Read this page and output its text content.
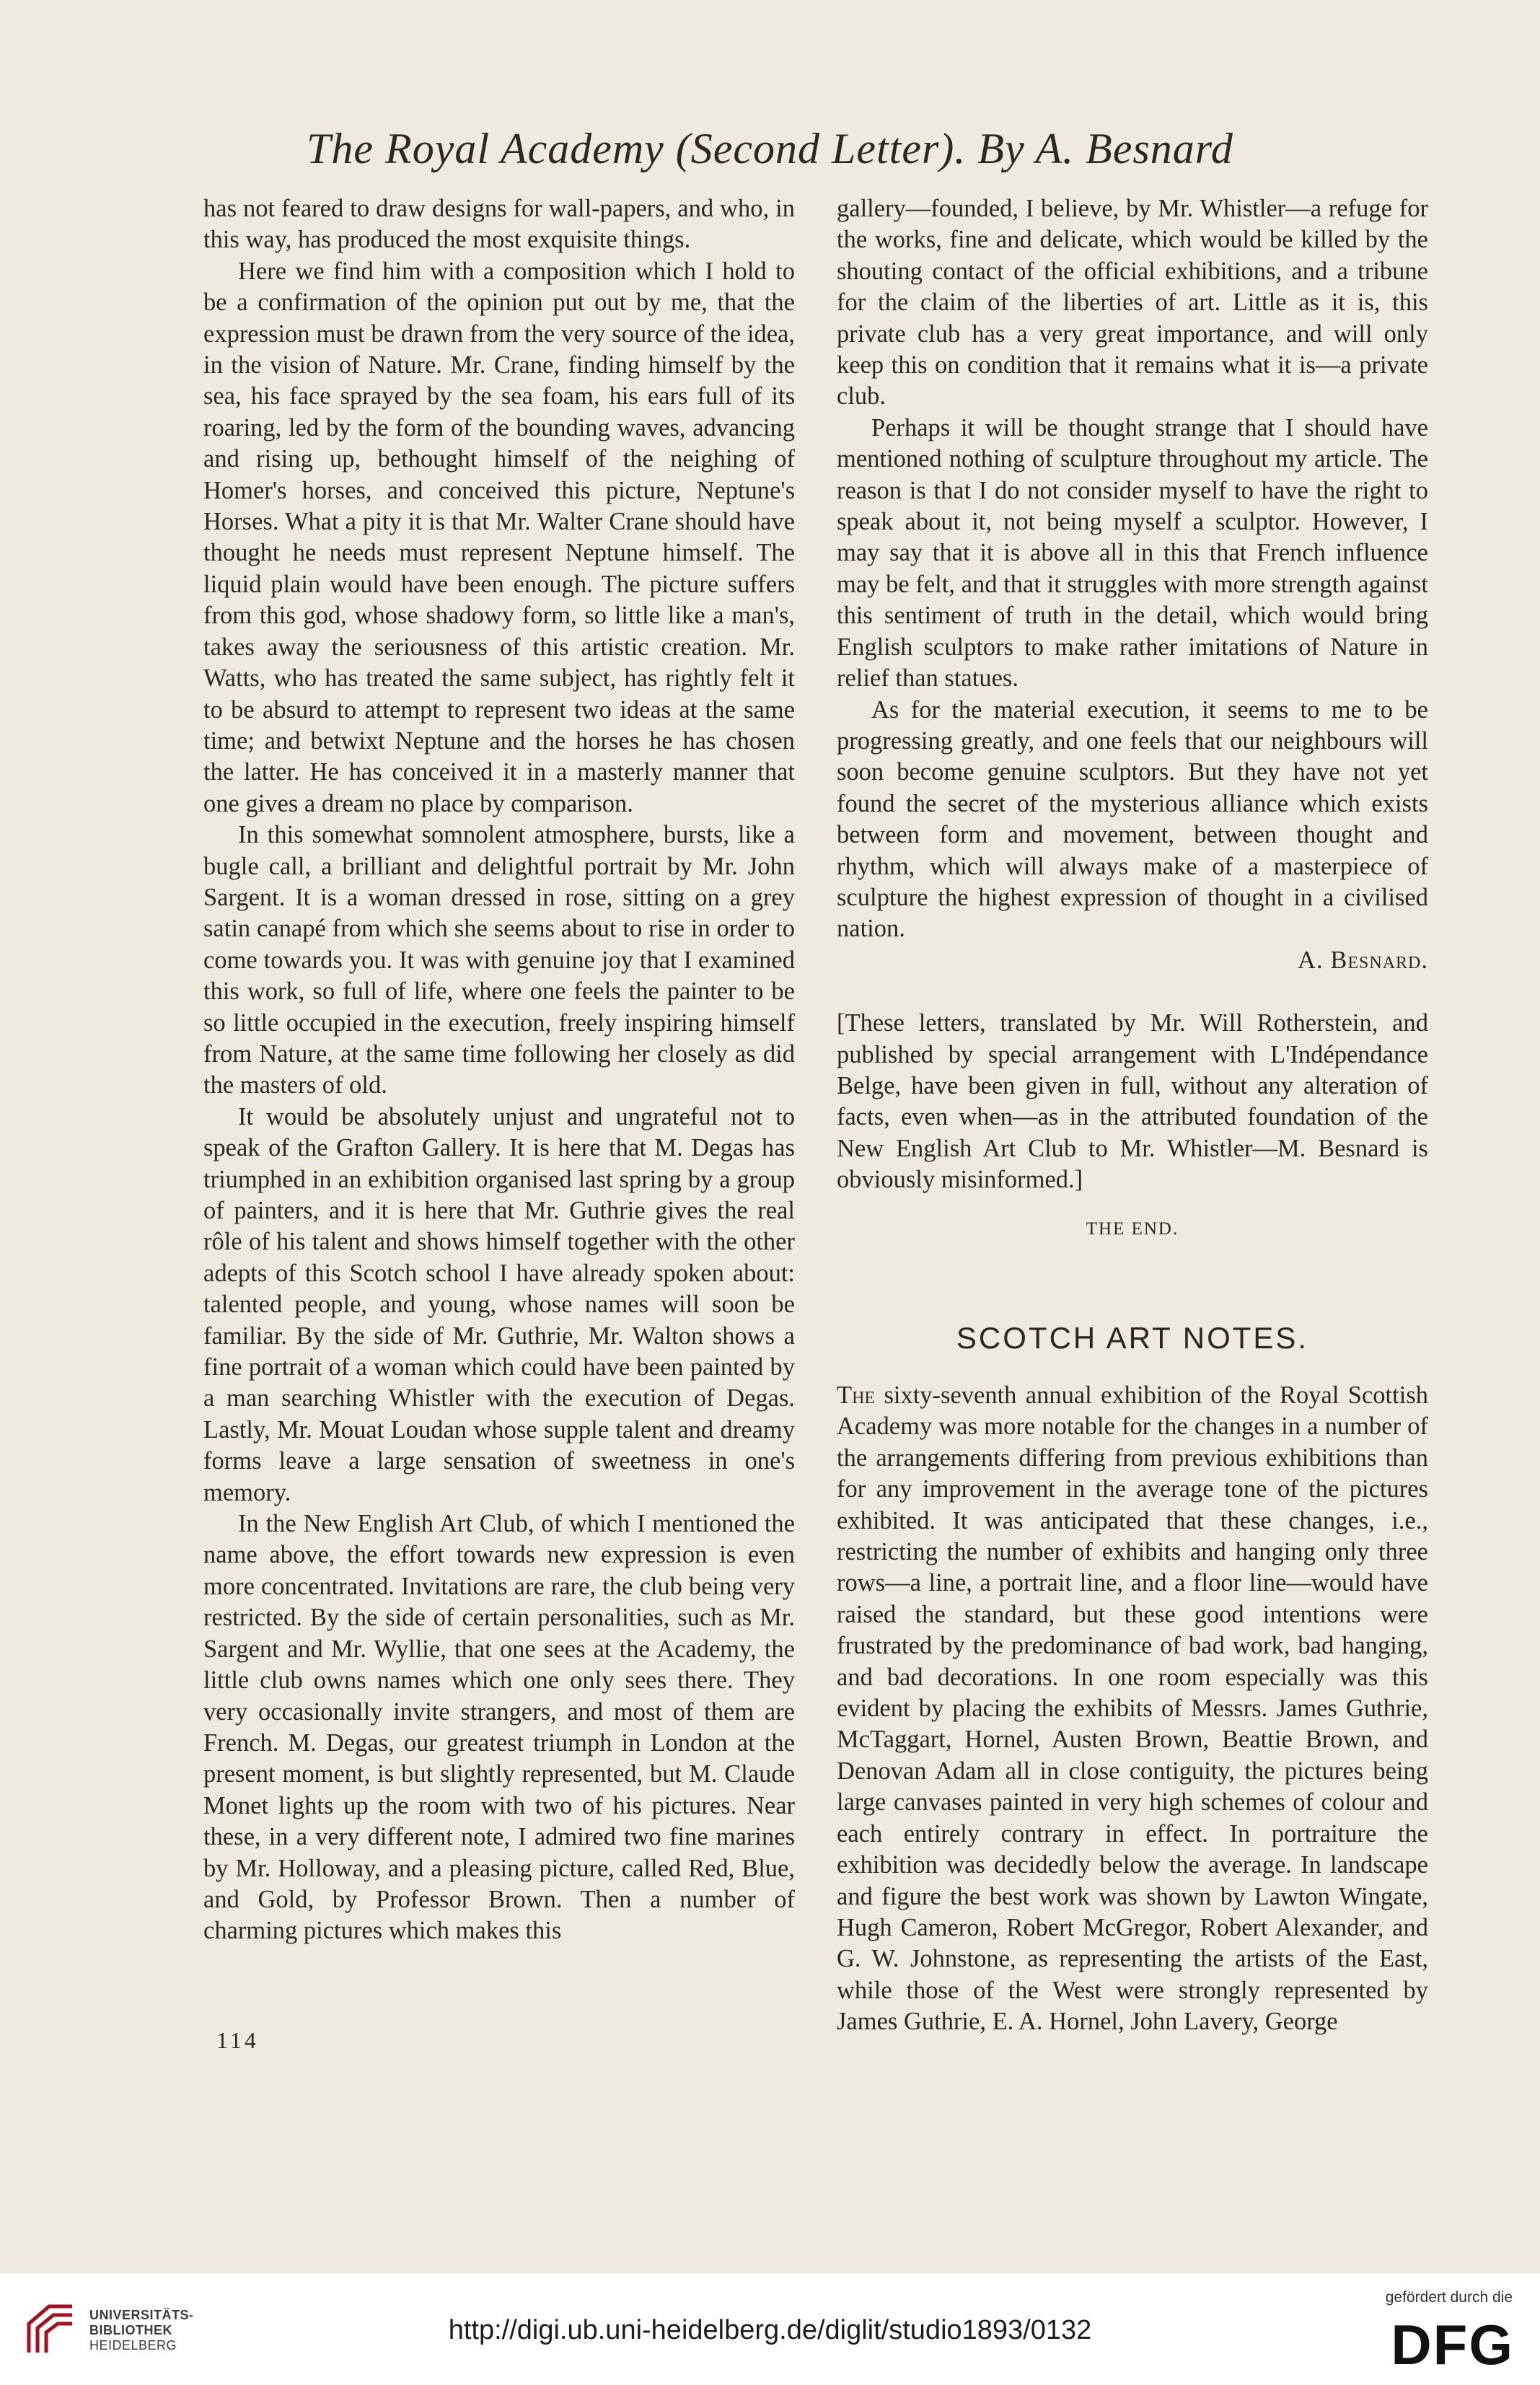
The Royal Academy (Second Letter). By A. Besnard

has not feared to draw designs for wall-papers, and who, in this way, has produced the most exquisite things.

Here we find him with a composition which I hold to be a confirmation of the opinion put out by me, that the expression must be drawn from the very source of the idea, in the vision of Nature. Mr. Crane, finding himself by the sea, his face sprayed by the sea foam, his ears full of its roaring, led by the form of the bounding waves, advancing and rising up, bethought himself of the neighing of Homer's horses, and conceived this picture, Neptune's Horses. What a pity it is that Mr. Walter Crane should have thought he needs must represent Neptune himself. The liquid plain would have been enough. The picture suffers from this god, whose shadowy form, so little like a man's, takes away the seriousness of this artistic creation. Mr. Watts, who has treated the same subject, has rightly felt it to be absurd to attempt to represent two ideas at the same time; and betwixt Neptune and the horses he has chosen the latter. He has conceived it in a masterly manner that one gives a dream no place by comparison.

In this somewhat somnolent atmosphere, bursts, like a bugle call, a brilliant and delightful portrait by Mr. John Sargent. It is a woman dressed in rose, sitting on a grey satin canapé from which she seems about to rise in order to come towards you. It was with genuine joy that I examined this work, so full of life, where one feels the painter to be so little occupied in the execution, freely inspiring himself from Nature, at the same time following her closely as did the masters of old.

It would be absolutely unjust and ungrateful not to speak of the Grafton Gallery. It is here that M. Degas has triumphed in an exhibition organised last spring by a group of painters, and it is here that Mr. Guthrie gives the real rôle of his talent and shows himself together with the other adepts of this Scotch school I have already spoken about: talented people, and young, whose names will soon be familiar. By the side of Mr. Guthrie, Mr. Walton shows a fine portrait of a woman which could have been painted by a man searching Whistler with the execution of Degas. Lastly, Mr. Mouat Loudan whose supple talent and dreamy forms leave a large sensation of sweetness in one's memory.

In the New English Art Club, of which I mentioned the name above, the effort towards new expression is even more concentrated. Invitations are rare, the club being very restricted. By the side of certain personalities, such as Mr. Sargent and Mr. Wyllie, that one sees at the Academy, the little club owns names which one only sees there. They very occasionally invite strangers, and most of them are French. M. Degas, our greatest triumph in London at the present moment, is but slightly represented, but M. Claude Monet lights up the room with two of his pictures. Near these, in a very different note, I admired two fine marines by Mr. Holloway, and a pleasing picture, called Red, Blue, and Gold, by Professor Brown. Then a number of charming pictures which makes this

gallery—founded, I believe, by Mr. Whistler—a refuge for the works, fine and delicate, which would be killed by the shouting contact of the official exhibitions, and a tribune for the claim of the liberties of art. Little as it is, this private club has a very great importance, and will only keep this on condition that it remains what it is—a private club.

Perhaps it will be thought strange that I should have mentioned nothing of sculpture throughout my article. The reason is that I do not consider myself to have the right to speak about it, not being myself a sculptor. However, I may say that it is above all in this that French influence may be felt, and that it struggles with more strength against this sentiment of truth in the detail, which would bring English sculptors to make rather imitations of Nature in relief than statues.

As for the material execution, it seems to me to be progressing greatly, and one feels that our neighbours will soon become genuine sculptors. But they have not yet found the secret of the mysterious alliance which exists between form and movement, between thought and rhythm, which will always make of a masterpiece of sculpture the highest expression of thought in a civilised nation.

A. Besnard.

[These letters, translated by Mr. Will Rotherstein, and published by special arrangement with L'Indépendance Belge, have been given in full, without any alteration of facts, even when—as in the attributed foundation of the New English Art Club to Mr. Whistler—M. Besnard is obviously misinformed.]

THE END.

SCOTCH ART NOTES.

The sixty-seventh annual exhibition of the Royal Scottish Academy was more notable for the changes in a number of the arrangements differing from previous exhibitions than for any improvement in the average tone of the pictures exhibited. It was anticipated that these changes, i.e., restricting the number of exhibits and hanging only three rows—a line, a portrait line, and a floor line—would have raised the standard, but these good intentions were frustrated by the predominance of bad work, bad hanging, and bad decorations. In one room especially was this evident by placing the exhibits of Messrs. James Guthrie, McTaggart, Hornel, Austen Brown, Beattie Brown, and Denovan Adam all in close contiguity, the pictures being large canvases painted in very high schemes of colour and each entirely contrary in effect. In portraiture the exhibition was decidedly below the average. In landscape and figure the best work was shown by Lawton Wingate, Hugh Cameron, Robert McGregor, Robert Alexander, and G. W. Johnstone, as representing the artists of the East, while those of the West were strongly represented by James Guthrie, E. A. Hornel, John Lavery, George

114
UNIVERSITÄTS-
BIBLIOTHEK
HEIDELBERG	http://digi.ub.uni-heidelberg.de/diglit/studio1893/0132
gefördert durch die
DFG
